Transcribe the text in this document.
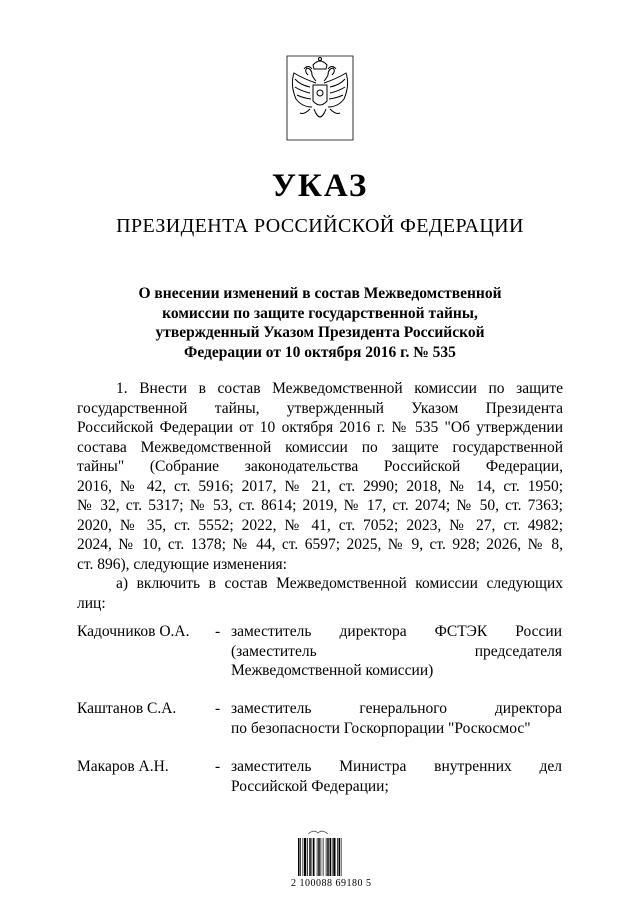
УКАЗ
ПРЕЗИДЕНТА РОССИЙСКОЙ ФЕДЕРАЦИИ
О внесении изменений в состав Межведомственной
комиссии по защите государственной тайны,
утвержденный Указом Президента Российской
Федерации от 10 октября 2016 г. № 535
1. Внести в состав Межведомственной комиссии по защите
государственной тайны, утвержденный Указом Президента
Российской Федерации от 10 октября 2016 г. № 535 "Об утверждении
состава Межведомственной комиссии по защите государственной
тайны" (Собрание законодательства Российской Федерации,
2016, № 42, ст. 5916; 2017, № 21, ст. 2990; 2018, № 14, ст. 1950;
№ 32, ст. 5317; № 53, ст. 8614; 2019, № 17, ст. 2074; № 50, ст. 7363;
2020, № 35, ст. 5552; 2022, № 41, ст. 7052; 2023, № 27, ст. 4982;
2024, № 10, ст. 1378; № 44, ст. 6597; 2025, № 9, ст. 928; 2026, № 8,
ст. 896), следующие изменения:
а) включить в состав Межведомственной комиссии следующих
лиц:
Кадочников О.А. - заместитель директора ФСТЭК России
(заместитель председателя
Межведомственной комиссии)
Каштанов С.А. - заместитель генерального директора
по безопасности Госкорпорации "Роскосмос"
Макаров А.Н.	- заместитель Министра внутренних дел
Российской Федерации;
2 100088 69180 5
